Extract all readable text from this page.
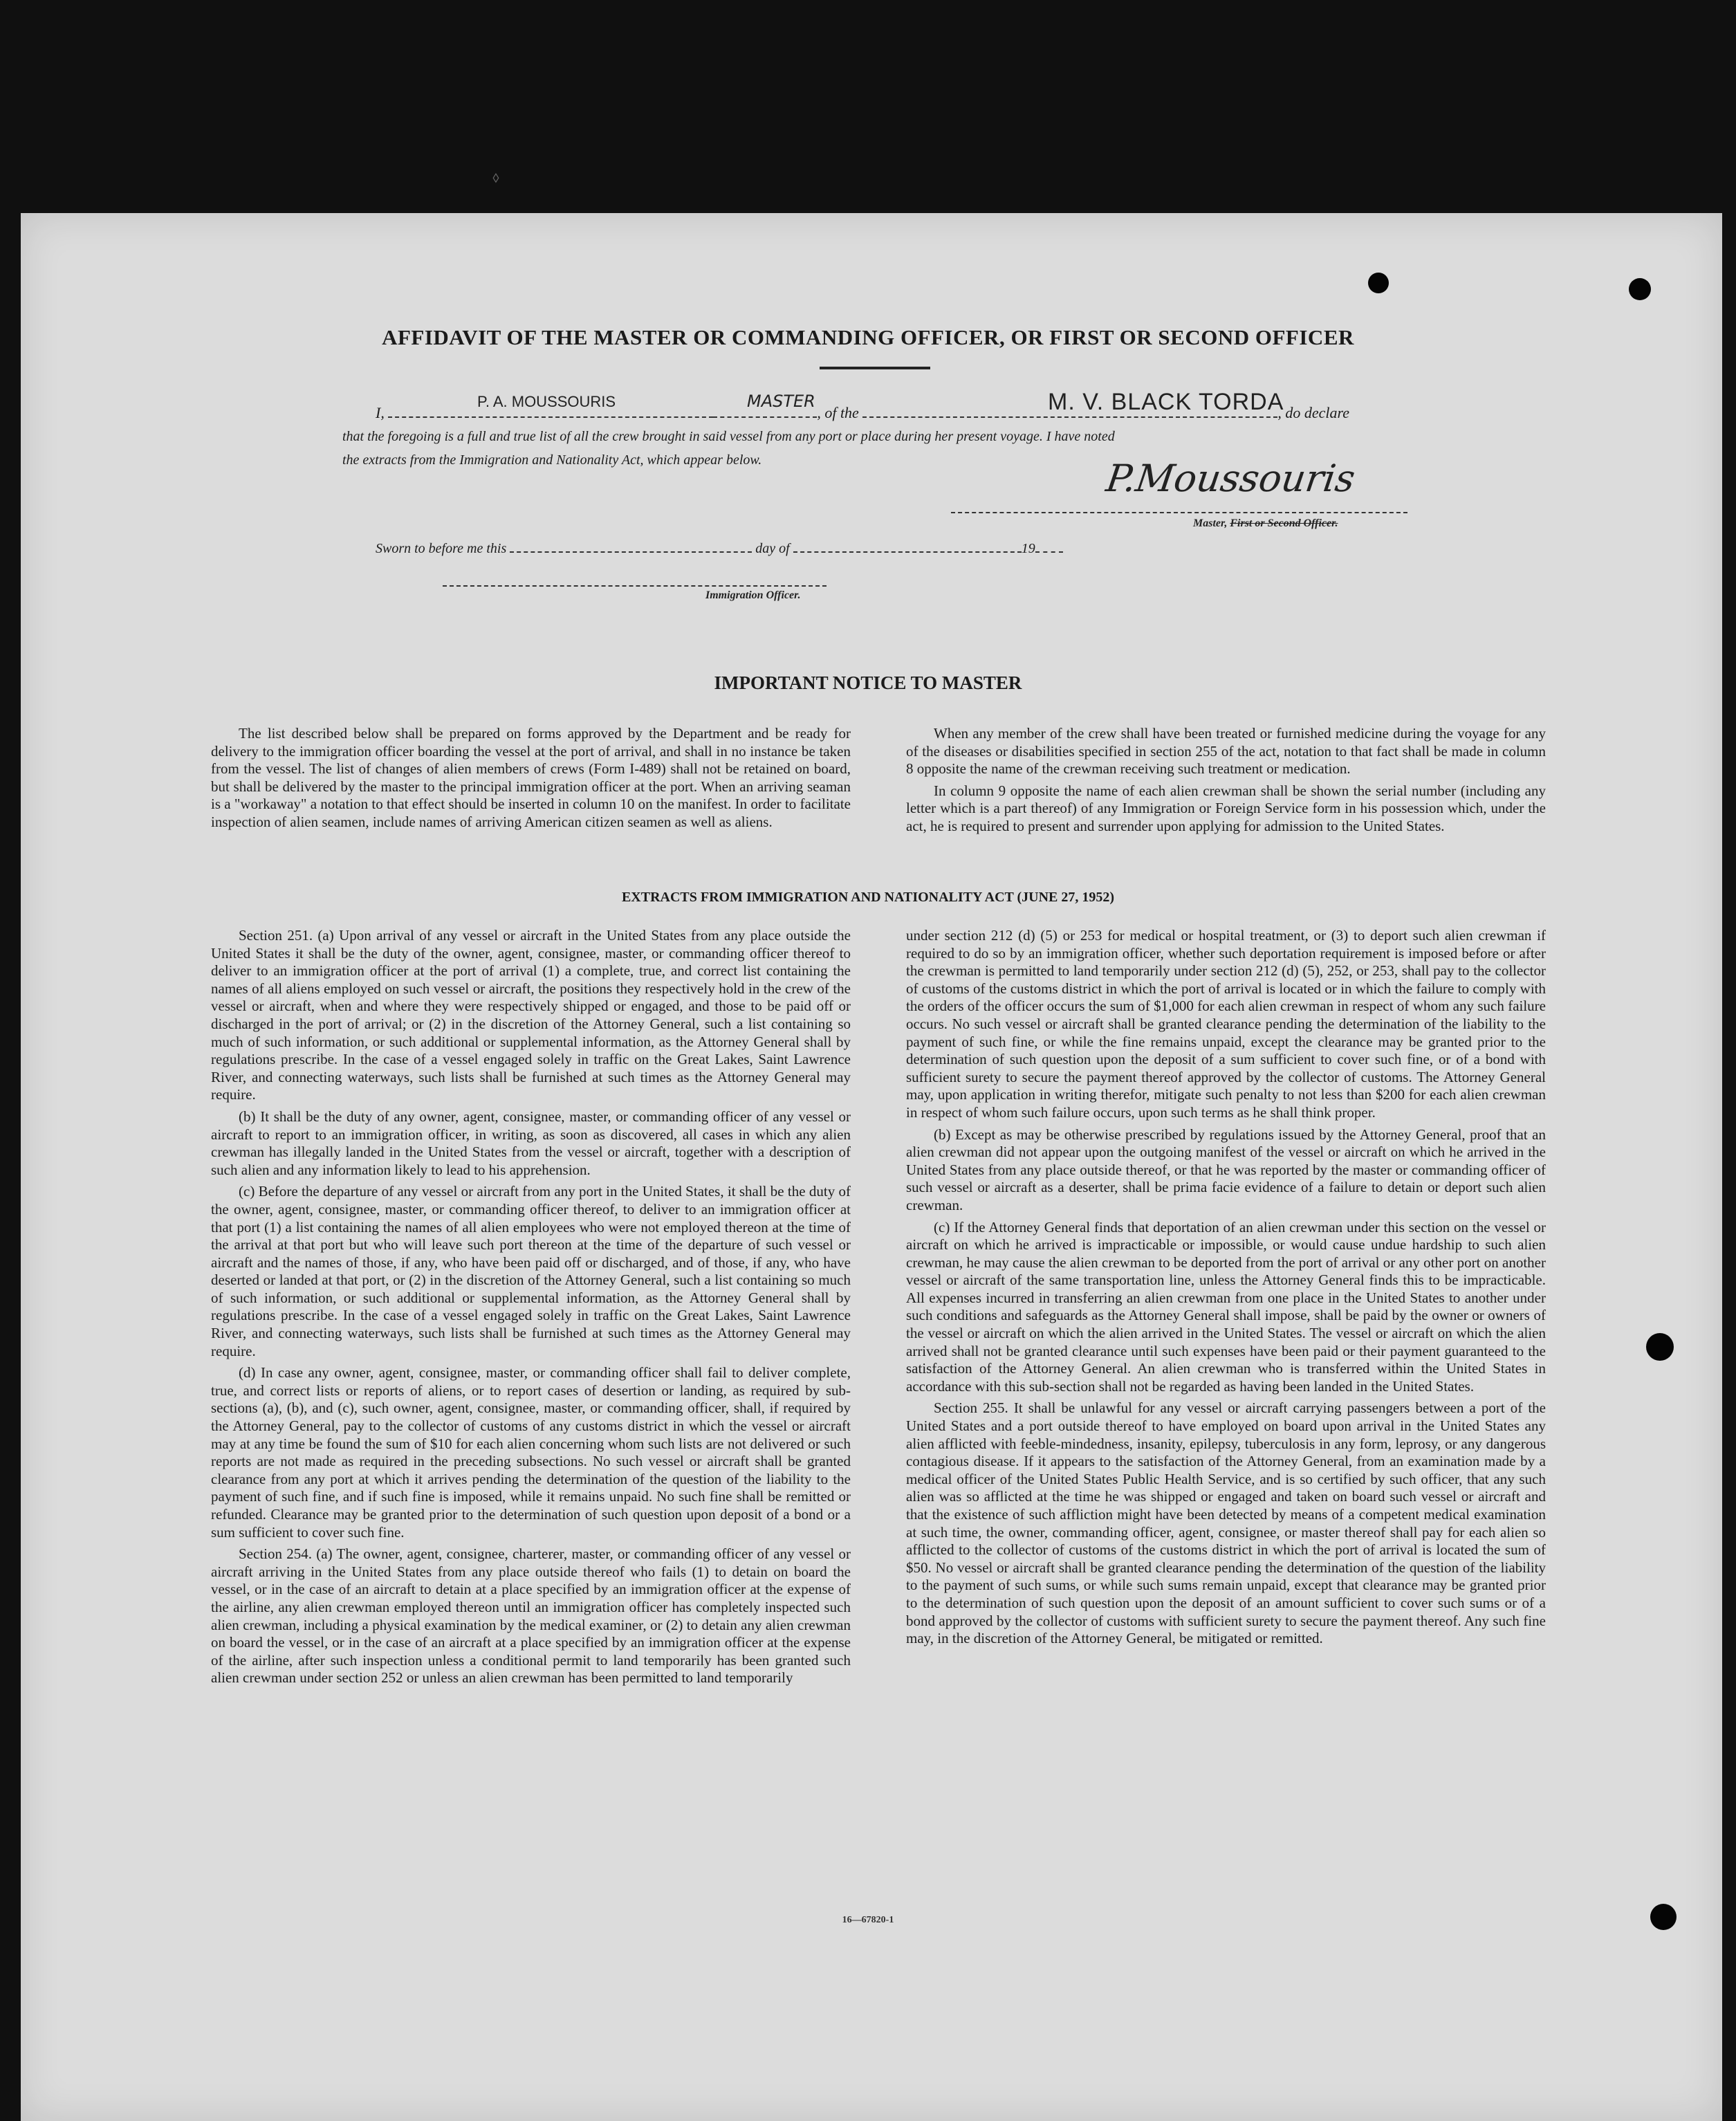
⬨
AFFIDAVIT OF THE MASTER OR COMMANDING OFFICER, OR FIRST OR SECOND OFFICER
I,	, of the	, do declare
P. A. MOUSSOURIS	MASTER	M. V. BLACK TORDA
that the foregoing is a full and true list of all the crew brought in said vessel from any port or place during her present voyage. I have noted
the extracts from the Immigration and Nationality Act, which appear below.	P.Moussouris
Master, First or Second Officer.
Sworn to before me this	day of	19
Immigration Officer.
IMPORTANT NOTICE TO MASTER

The list described below shall be prepared on forms approved by the Department and be ready for delivery to the immigration officer boarding the vessel at the port of arrival, and shall in no instance be taken from the vessel. The list of changes of alien members of crews (Form I-489) shall not be retained on board, but shall be delivered by the master to the principal immigration officer at the port. When an arriving seaman is a "workaway" a notation to that effect should be inserted in column 10 on the manifest. In order to facilitate inspection of alien seamen, include names of arriving American citizen seamen as well as aliens.

When any member of the crew shall have been treated or furnished medicine during the voyage for any of the diseases or disabilities specified in section 255 of the act, notation to that fact shall be made in column 8 opposite the name of the crewman receiving such treatment or medication.

In column 9 opposite the name of each alien crewman shall be shown the serial number (including any letter which is a part thereof) of any Immigration or Foreign Service form in his possession which, under the act, he is required to present and surrender upon applying for admission to the United States.

EXTRACTS FROM IMMIGRATION AND NATIONALITY ACT (JUNE 27, 1952)

Section 251. (a) Upon arrival of any vessel or aircraft in the United States from any place outside the United States it shall be the duty of the owner, agent, consignee, master, or commanding officer thereof to deliver to an immigration officer at the port of arrival (1) a complete, true, and correct list containing the names of all aliens employed on such vessel or aircraft, the positions they respectively hold in the crew of the vessel or aircraft, when and where they were respectively shipped or engaged, and those to be paid off or discharged in the port of arrival; or (2) in the discretion of the Attorney General, such a list containing so much of such information, or such additional or supplemental information, as the Attorney General shall by regulations prescribe. In the case of a vessel engaged solely in traffic on the Great Lakes, Saint Lawrence River, and connecting waterways, such lists shall be furnished at such times as the Attorney General may require.

(b) It shall be the duty of any owner, agent, consignee, master, or commanding officer of any vessel or aircraft to report to an immigration officer, in writing, as soon as discovered, all cases in which any alien crewman has illegally landed in the United States from the vessel or aircraft, together with a description of such alien and any information likely to lead to his apprehension.

(c) Before the departure of any vessel or aircraft from any port in the United States, it shall be the duty of the owner, agent, consignee, master, or commanding officer thereof, to deliver to an immigration officer at that port (1) a list containing the names of all alien employees who were not employed thereon at the time of the arrival at that port but who will leave such port thereon at the time of the departure of such vessel or aircraft and the names of those, if any, who have been paid off or discharged, and of those, if any, who have deserted or landed at that port, or (2) in the discretion of the Attorney General, such a list containing so much of such information, or such additional or supplemental information, as the Attorney General shall by regulations prescribe. In the case of a vessel engaged solely in traffic on the Great Lakes, Saint Lawrence River, and connecting waterways, such lists shall be furnished at such times as the Attorney General may require.

(d) In case any owner, agent, consignee, master, or commanding officer shall fail to deliver complete, true, and correct lists or reports of aliens, or to report cases of desertion or landing, as required by sub-sections (a), (b), and (c), such owner, agent, consignee, master, or commanding officer, shall, if required by the Attorney General, pay to the collector of customs of any customs district in which the vessel or aircraft may at any time be found the sum of $10 for each alien concerning whom such lists are not delivered or such reports are not made as required in the preceding subsections. No such vessel or aircraft shall be granted clearance from any port at which it arrives pending the determination of the question of the liability to the payment of such fine, and if such fine is imposed, while it remains unpaid. No such fine shall be remitted or refunded. Clearance may be granted prior to the determination of such question upon deposit of a bond or a sum sufficient to cover such fine.

Section 254. (a) The owner, agent, consignee, charterer, master, or commanding officer of any vessel or aircraft arriving in the United States from any place outside thereof who fails (1) to detain on board the vessel, or in the case of an aircraft to detain at a place specified by an immigration officer at the expense of the airline, any alien crewman employed thereon until an immigration officer has completely inspected such alien crewman, including a physical examination by the medical examiner, or (2) to detain any alien crewman on board the vessel, or in the case of an aircraft at a place specified by an immigration officer at the expense of the airline, after such inspection unless a conditional permit to land temporarily has been granted such alien crewman under section 252 or unless an alien crewman has been permitted to land temporarily

under section 212 (d) (5) or 253 for medical or hospital treatment, or (3) to deport such alien crewman if required to do so by an immigration officer, whether such deportation requirement is imposed before or after the crewman is permitted to land temporarily under section 212 (d) (5), 252, or 253, shall pay to the collector of customs of the customs district in which the port of arrival is located or in which the failure to comply with the orders of the officer occurs the sum of $1,000 for each alien crewman in respect of whom any such failure occurs. No such vessel or aircraft shall be granted clearance pending the determination of the liability to the payment of such fine, or while the fine remains unpaid, except the clearance may be granted prior to the determination of such question upon the deposit of a sum sufficient to cover such fine, or of a bond with sufficient surety to secure the payment thereof approved by the collector of customs. The Attorney General may, upon application in writing therefor, mitigate such penalty to not less than $200 for each alien crewman in respect of whom such failure occurs, upon such terms as he shall think proper.

(b) Except as may be otherwise prescribed by regulations issued by the Attorney General, proof that an alien crewman did not appear upon the outgoing manifest of the vessel or aircraft on which he arrived in the United States from any place outside thereof, or that he was reported by the master or commanding officer of such vessel or aircraft as a deserter, shall be prima facie evidence of a failure to detain or deport such alien crewman.

(c) If the Attorney General finds that deportation of an alien crewman under this section on the vessel or aircraft on which he arrived is impracticable or impossible, or would cause undue hardship to such alien crewman, he may cause the alien crewman to be deported from the port of arrival or any other port on another vessel or aircraft of the same transportation line, unless the Attorney General finds this to be impracticable. All expenses incurred in transferring an alien crewman from one place in the United States to another under such conditions and safeguards as the Attorney General shall impose, shall be paid by the owner or owners of the vessel or aircraft on which the alien arrived in the United States. The vessel or aircraft on which the alien arrived shall not be granted clearance until such expenses have been paid or their payment guaranteed to the satisfaction of the Attorney General. An alien crewman who is transferred within the United States in accordance with this sub-section shall not be regarded as having been landed in the United States.

Section 255. It shall be unlawful for any vessel or aircraft carrying passengers between a port of the United States and a port outside thereof to have employed on board upon arrival in the United States any alien afflicted with feeble-mindedness, insanity, epilepsy, tuberculosis in any form, leprosy, or any dangerous contagious disease. If it appears to the satisfaction of the Attorney General, from an examination made by a medical officer of the United States Public Health Service, and is so certified by such officer, that any such alien was so afflicted at the time he was shipped or engaged and taken on board such vessel or aircraft and that the existence of such affliction might have been detected by means of a competent medical examination at such time, the owner, commanding officer, agent, consignee, or master thereof shall pay for each alien so afflicted to the collector of customs of the customs district in which the port of arrival is located the sum of $50. No vessel or aircraft shall be granted clearance pending the determination of the question of the liability to the payment of such sums, or while such sums remain unpaid, except that clearance may be granted prior to the determination of such question upon the deposit of an amount sufficient to cover such sums or of a bond approved by the collector of customs with sufficient surety to secure the payment thereof. Any such fine may, in the discretion of the Attorney General, be mitigated or remitted.

16—67820-1
